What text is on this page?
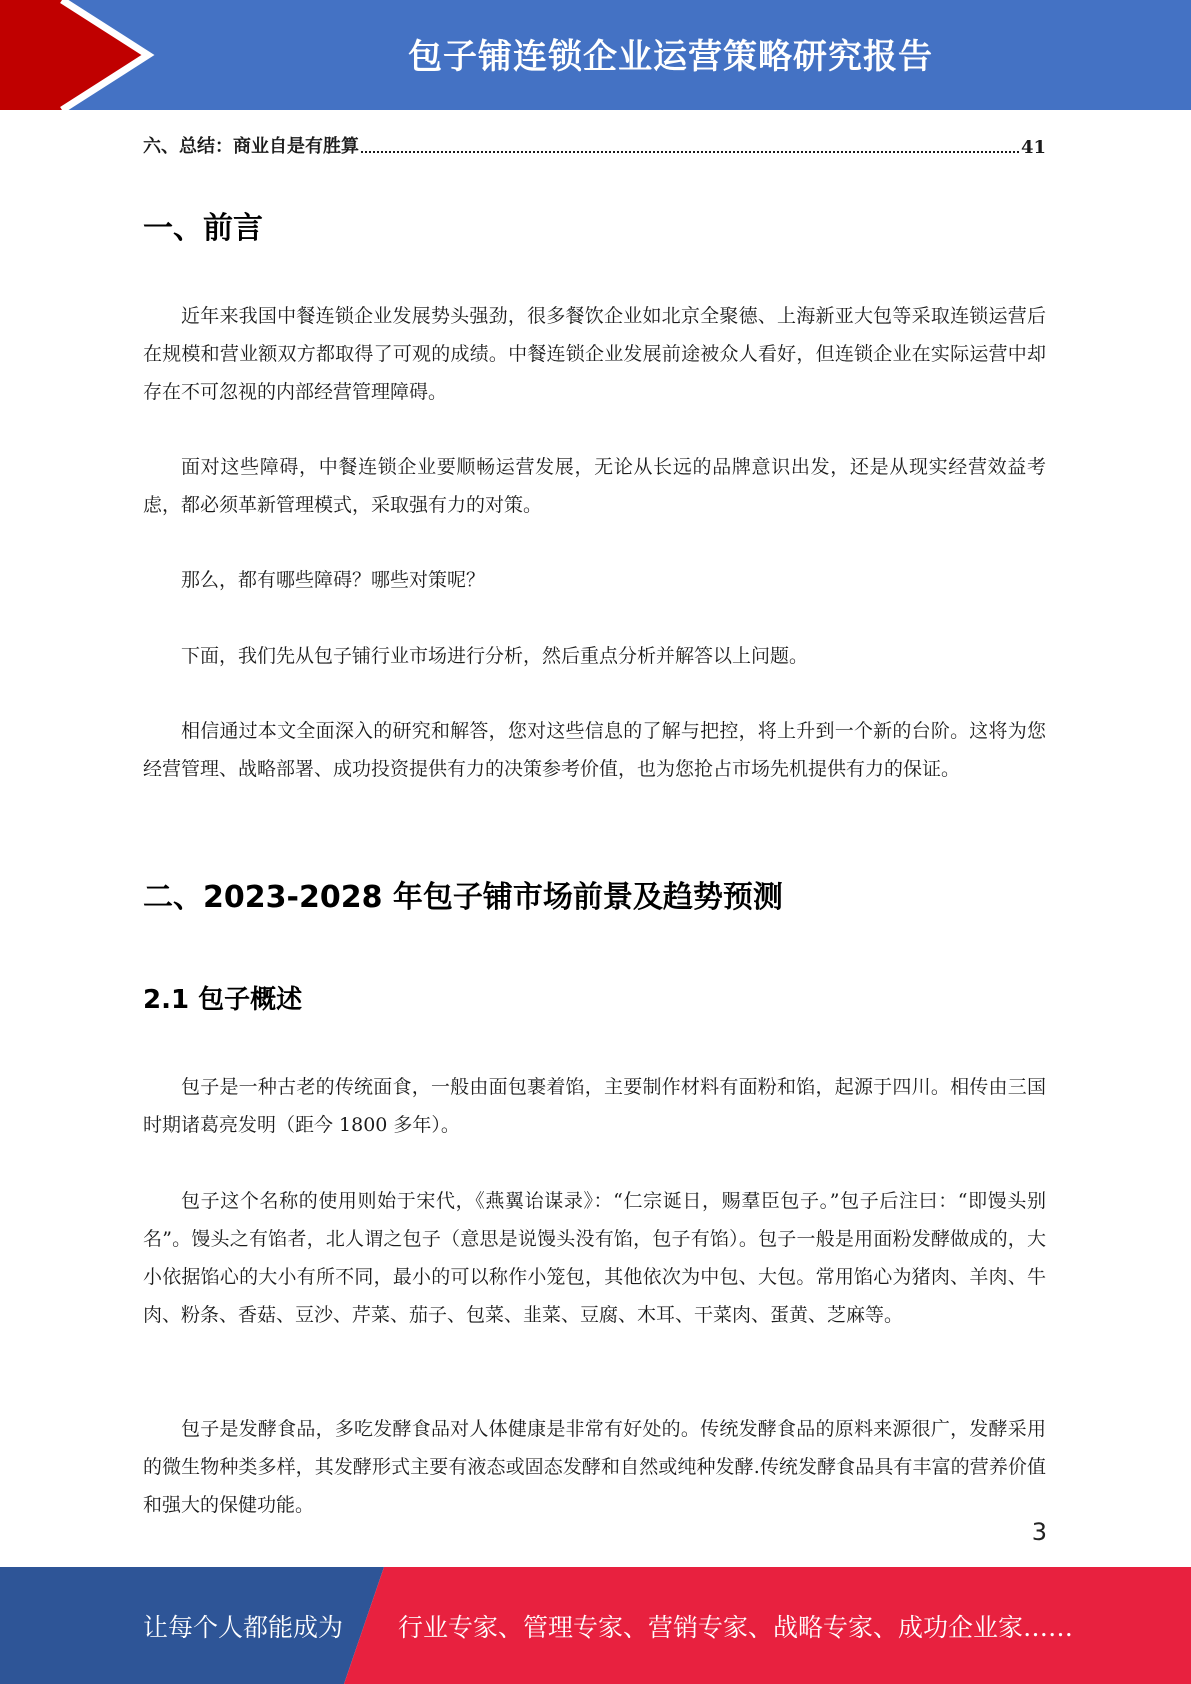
包子铺连锁企业运营策略研究报告
六、总结：商业自是有胜算	41
一、前言

近年来我国中餐连锁企业发展势头强劲，很多餐饮企业如北京全聚德、上海新亚大包等采取连锁运营后在规模和营业额双方都取得了可观的成绩。中餐连锁企业发展前途被众人看好，但连锁企业在实际运营中却存在不可忽视的内部经营管理障碍。

面对这些障碍，中餐连锁企业要顺畅运营发展，无论从长远的品牌意识出发，还是从现实经营效益考虑，都必须革新管理模式，采取强有力的对策。

那么，都有哪些障碍？哪些对策呢？

下面，我们先从包子铺行业市场进行分析，然后重点分析并解答以上问题。

相信通过本文全面深入的研究和解答，您对这些信息的了解与把控，将上升到一个新的台阶。这将为您经营管理、战略部署、成功投资提供有力的决策参考价值，也为您抢占市场先机提供有力的保证。

二、2023-2028 年包子铺市场前景及趋势预测
2.1 包子概述

包子是一种古老的传统面食，一般由面包裹着馅，主要制作材料有面粉和馅，起源于四川。相传由三国时期诸葛亮发明（距今 1800 多年）。

包子这个名称的使用则始于宋代，《燕翼诒谋录》：“仁宗诞日，赐羣臣包子。”包子后注曰：“即馒头别名”。馒头之有馅者，北人谓之包子（意思是说馒头没有馅，包子有馅）。包子一般是用面粉发酵做成的，大小依据馅心的大小有所不同，最小的可以称作小笼包，其他依次为中包、大包。常用馅心为猪肉、羊肉、牛肉、粉条、香菇、豆沙、芹菜、茄子、包菜、韭菜、豆腐、木耳、干菜肉、蛋黄、芝麻等。

包子是发酵食品，多吃发酵食品对人体健康是非常有好处的。传统发酵食品的原料来源很广，发酵采用的微生物种类多样，其发酵形式主要有液态或固态发酵和自然或纯种发酵.传统发酵食品具有丰富的营养价值和强大的保健功能。

3
让每个人都能成为 行业专家、管理专家、营销专家、战略专家、成功企业家……
